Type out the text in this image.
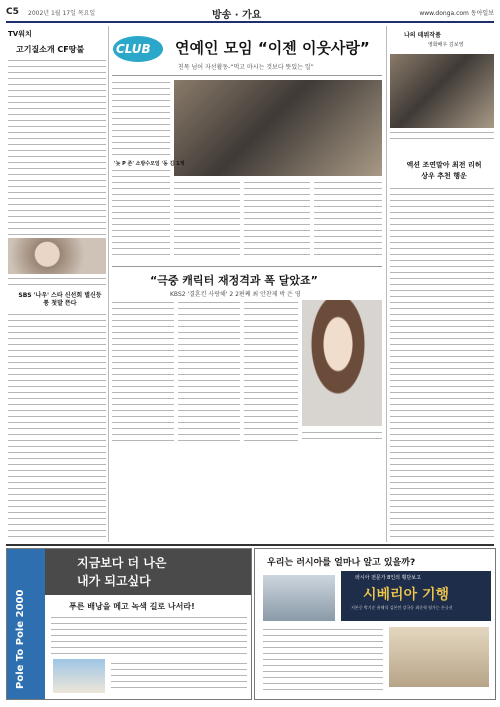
C5 2002년 1월 17일 목요일	방송 · 가요	www.donga.com 동아일보
TV워치
고기질소개 CF땅불
SBS '나우' 스타 신선회 별신등 퉁 첫발 뜬다
CLUB 연예인 모임 “이젠 이웃사랑”
친목 넘어 자선활동-“먹고 마시는 것보다 뜻있는 일”
'놋 P 존' 소방수모임 '동 김 1개
“극중 캐릭터 재정격과 폭 달았죠”
KBS2 '결혼킨 사랑해' 2 2편째 최 안찬제 박 은 영
나의 데뷔작품
영화배우 김보영
액션 조연말아 최전 리허상우 추천 행운
지금보다 더 나은
내가 되고싶다
Pole To Pole 2000	푸른 배낭을 메고 녹색 길로 나서라!
우리는 러시아를 얼마나 알고 있을까?
러시아 전문가 8인의 횡단보고
시베리아 기행
저본중 박기준 윤해석 김본민 강국동 최준혁 영가는 손규선
